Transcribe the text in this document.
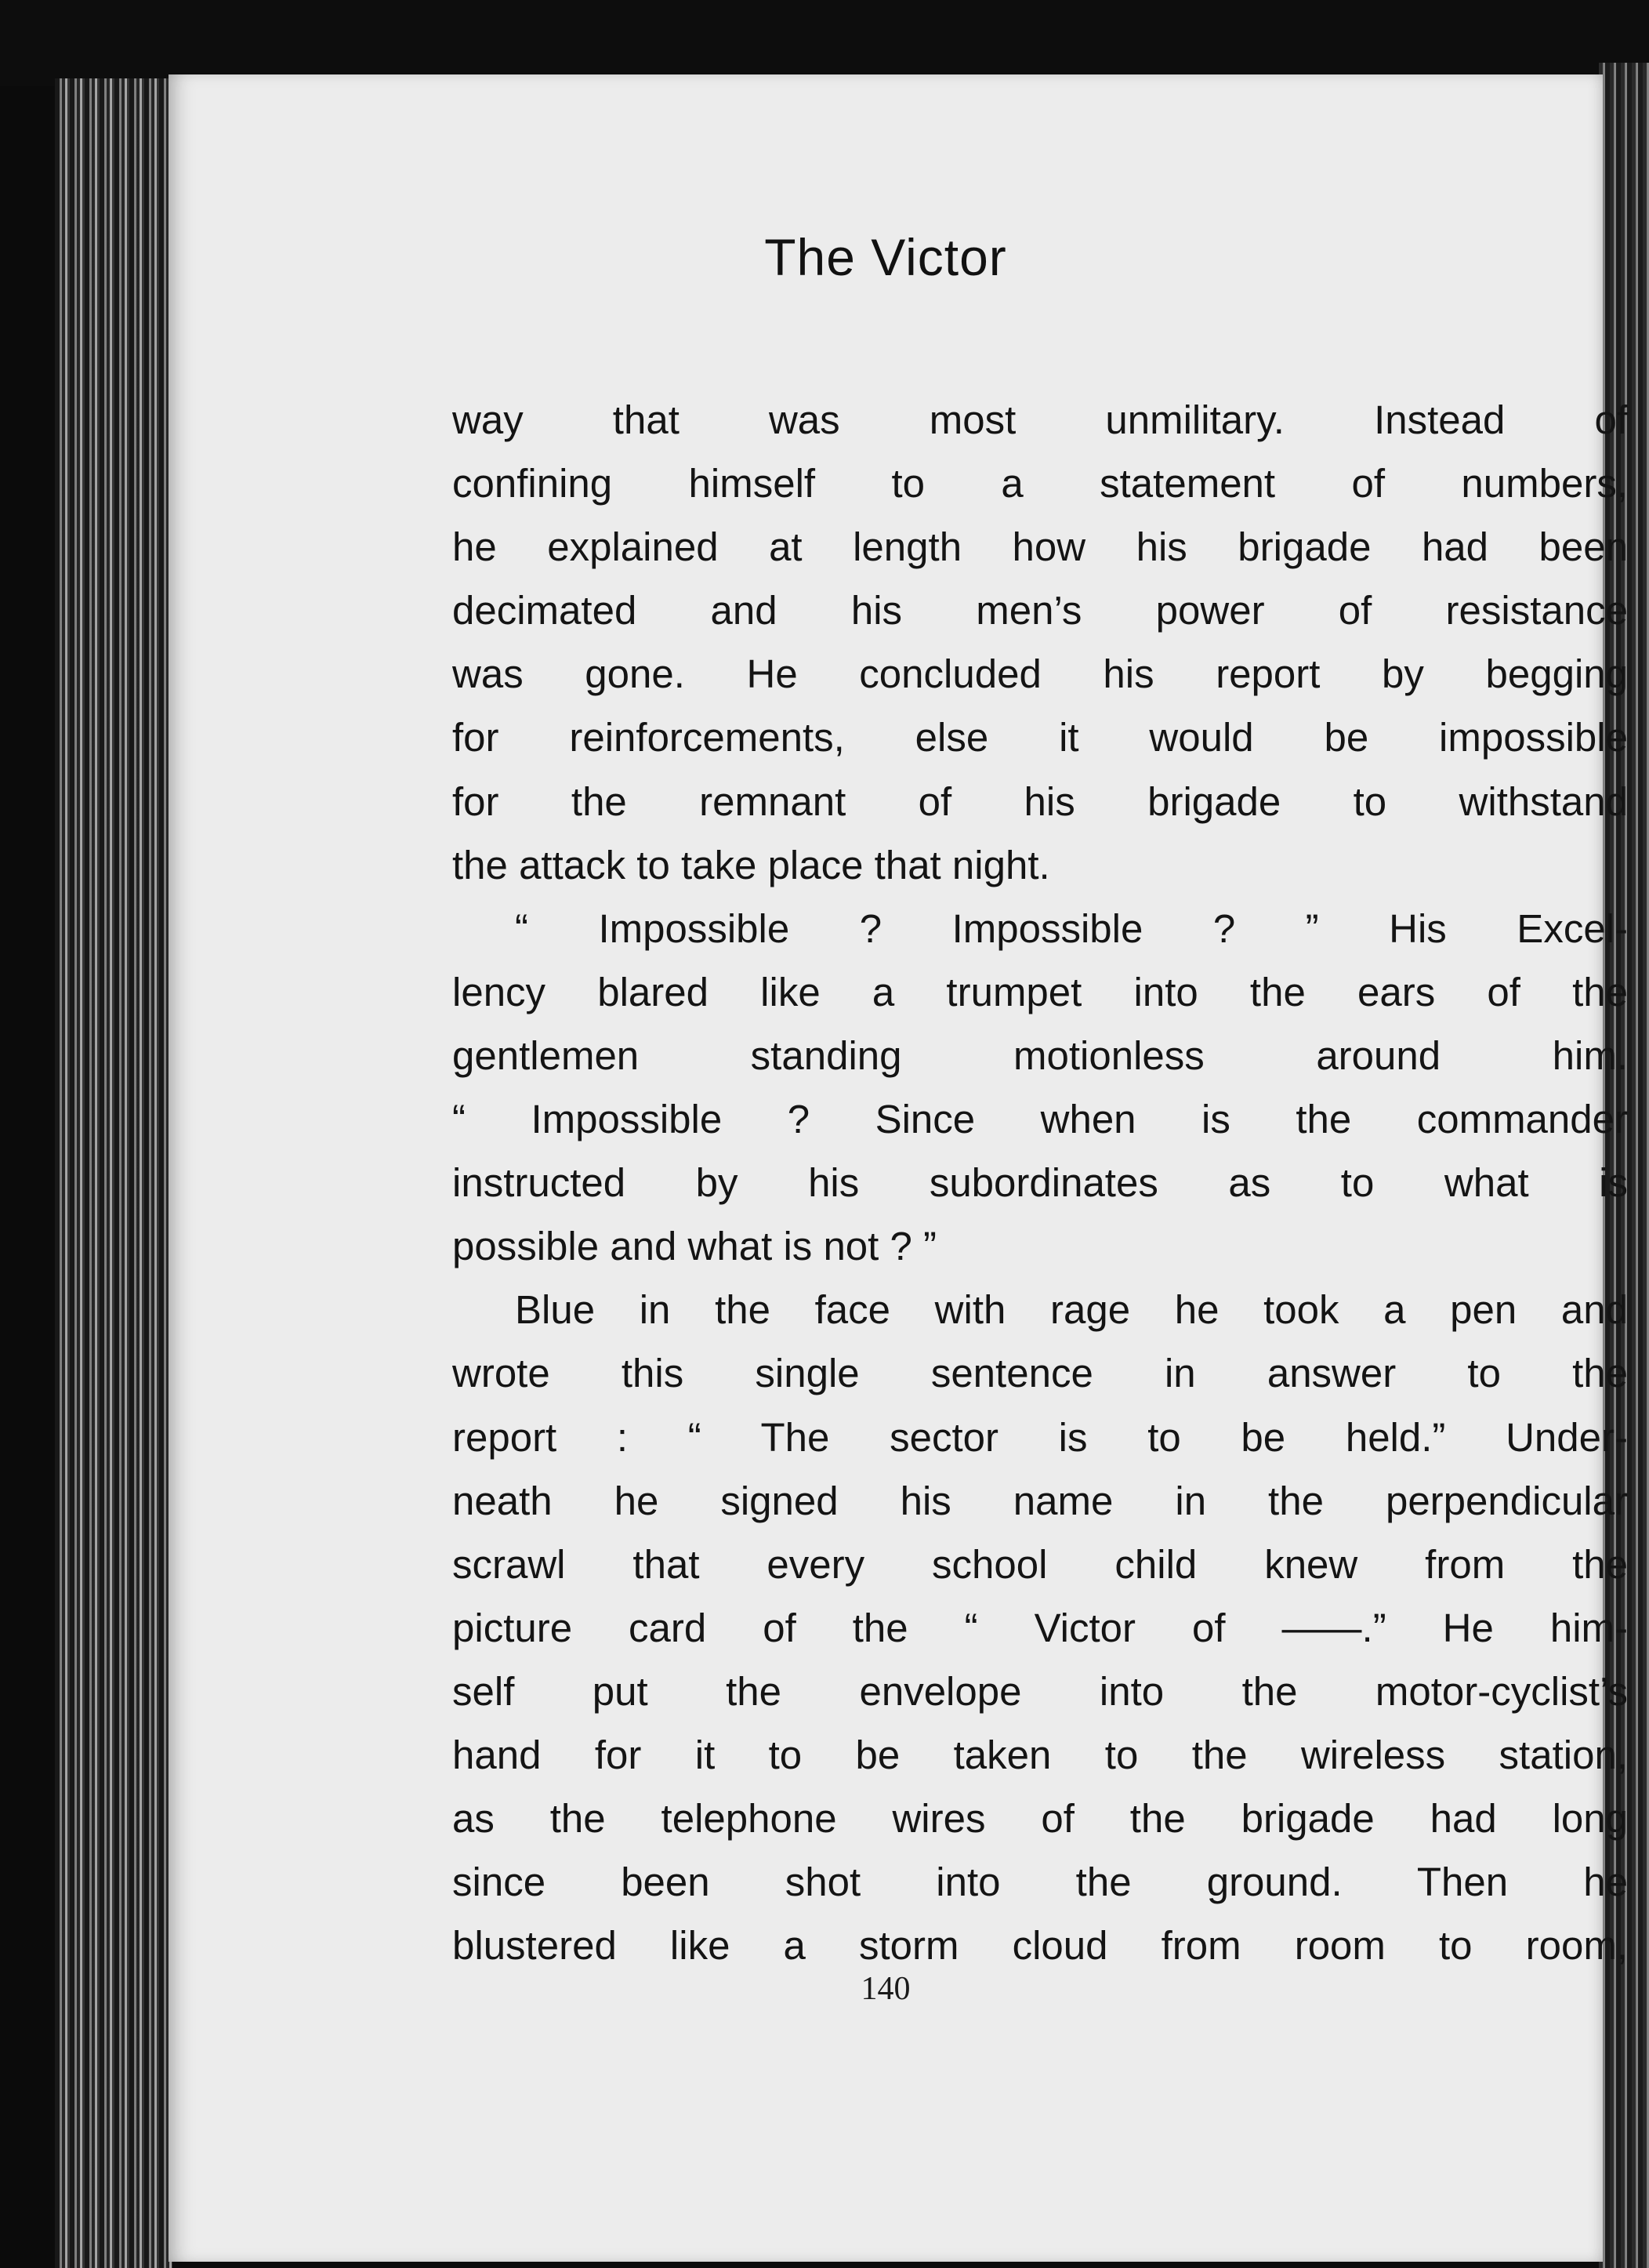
The Victor
way that was most unmilitary. Instead of
confining himself to a statement of numbers,
he explained at length how his brigade had been
decimated and his men’s power of resistance
was gone. He concluded his report by begging
for reinforcements, else it would be impossible
for the remnant of his brigade to withstand
the attack to take place that night.
“ Impossible ? Impossible ? ” His Excel-
lency blared like a trumpet into the ears of the
gentlemen standing motionless around him.
“ Impossible ? Since when is the commander
instructed by his subordinates as to what is
possible and what is not ? ”
Blue in the face with rage he took a pen and
wrote this single sentence in answer to the
report : “ The sector is to be held.” Under-
neath he signed his name in the perpendicular
scrawl that every school child knew from the
picture card of the “ Victor of ——.” He him-
self put the envelope into the motor-cyclist’s
hand for it to be taken to the wireless station,
as the telephone wires of the brigade had long
since been shot into the ground. Then he
blustered like a storm cloud from room to room,
140
